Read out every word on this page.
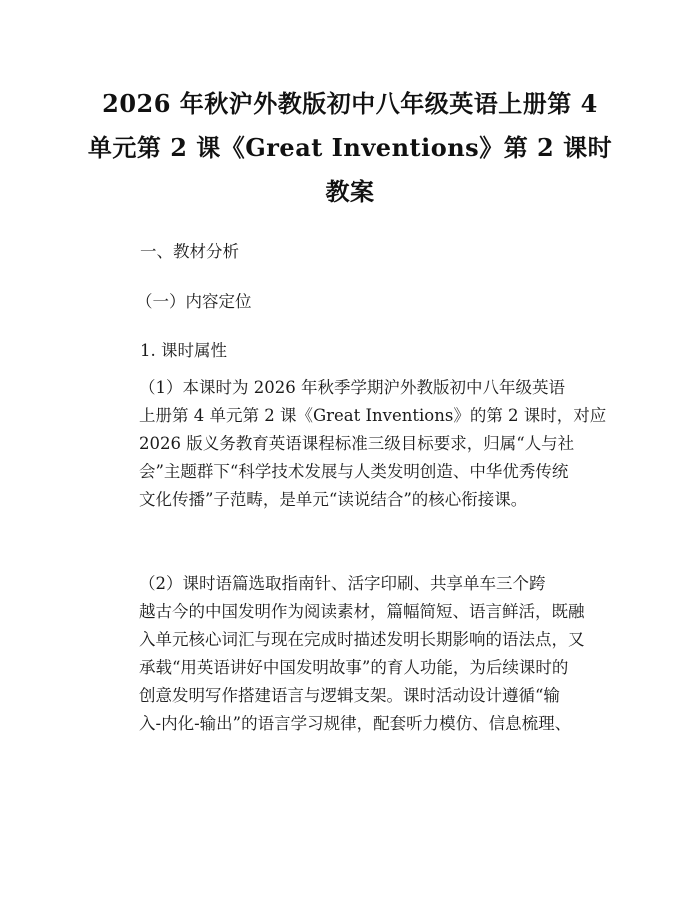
2026 年秋沪外教版初中八年级英语上册第 4
单元第 2 课《Great Inventions》第 2 课时
教案
一、教材分析
（一）内容定位
1. 课时属性
（1）本课时为 2026 年秋季学期沪外教版初中八年级英语
上册第 4 单元第 2 课《Great Inventions》的第 2 课时，对应
2026 版义务教育英语课程标准三级目标要求，归属“人与社
会”主题群下“科学技术发展与人类发明创造、中华优秀传统
文化传播”子范畴，是单元“读说结合”的核心衔接课。
（2）课时语篇选取指南针、活字印刷、共享单车三个跨
越古今的中国发明作为阅读素材，篇幅简短、语言鲜活，既融
入单元核心词汇与现在完成时描述发明长期影响的语法点，又
承载“用英语讲好中国发明故事”的育人功能，为后续课时的
创意发明写作搭建语言与逻辑支架。课时活动设计遵循“输
入-内化-输出”的语言学习规律，配套听力模仿、信息梳理、
